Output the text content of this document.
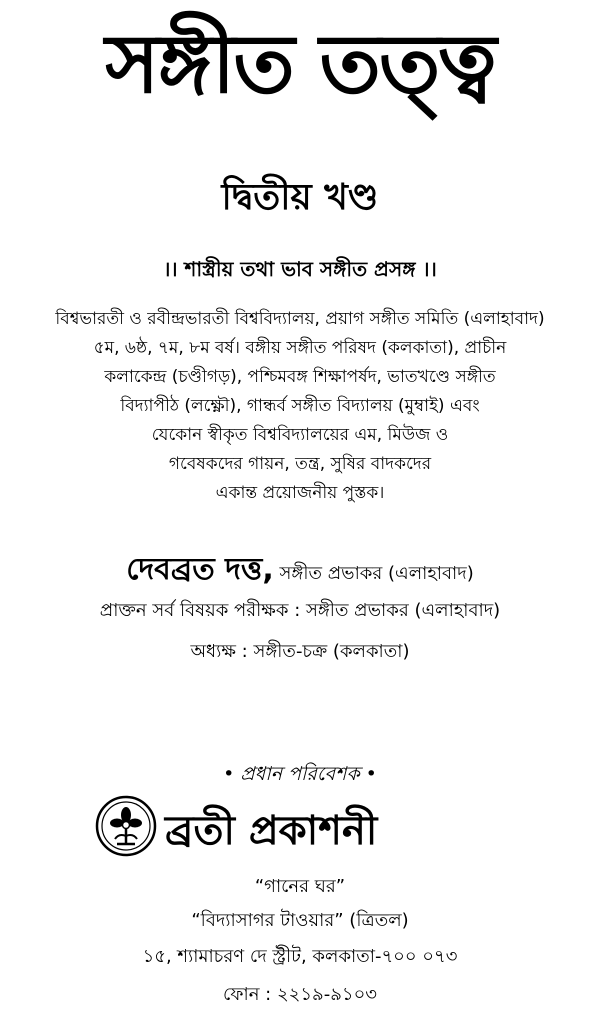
সঙ্গীত তত্ত্ব
দ্বিতীয় খণ্ড
।। শাস্ত্রীয় তথা ভাব সঙ্গীত প্রসঙ্গ ।।
বিশ্বভারতী ও রবীন্দ্রভারতী বিশ্ববিদ্যালয়, প্রয়াগ সঙ্গীত সমিতি (এলাহাবাদ)
৫ম, ৬ষ্ঠ, ৭ম, ৮ম বর্ষ। বঙ্গীয় সঙ্গীত পরিষদ (কলকাতা), প্রাচীন
কলাকেন্দ্র (চণ্ডীগড়), পশ্চিমবঙ্গ শিক্ষাপর্ষদ, ভাতখণ্ডে সঙ্গীত
বিদ্যাপীঠ (লক্ষ্ণৌ), গান্ধর্ব সঙ্গীত বিদ্যালয় (মুম্বাই) এবং
যেকোন স্বীকৃত বিশ্ববিদ্যালয়ের এম, মিউজ ও
গবেষকদের গায়ন, তন্ত্র, সুষির বাদকদের
একান্ত প্রয়োজনীয় পুস্তক।
দেবব্রত দত্ত, সঙ্গীত প্রভাকর (এলাহাবাদ)
প্রাক্তন সর্ব বিষয়ক পরীক্ষক : সঙ্গীত প্রভাকর (এলাহাবাদ)
অধ্যক্ষ : সঙ্গীত-চক্র (কলকাতা)
• প্রধান পরিবেশক •
ব্রতী প্রকাশনী
“গানের ঘর”
“বিদ্যাসাগর টাওয়ার” (ত্রিতল)
১৫, শ্যামাচরণ দে স্ট্রীট, কলকাতা-৭০০ ০৭৩
ফোন : ২২১৯-৯১০৩
